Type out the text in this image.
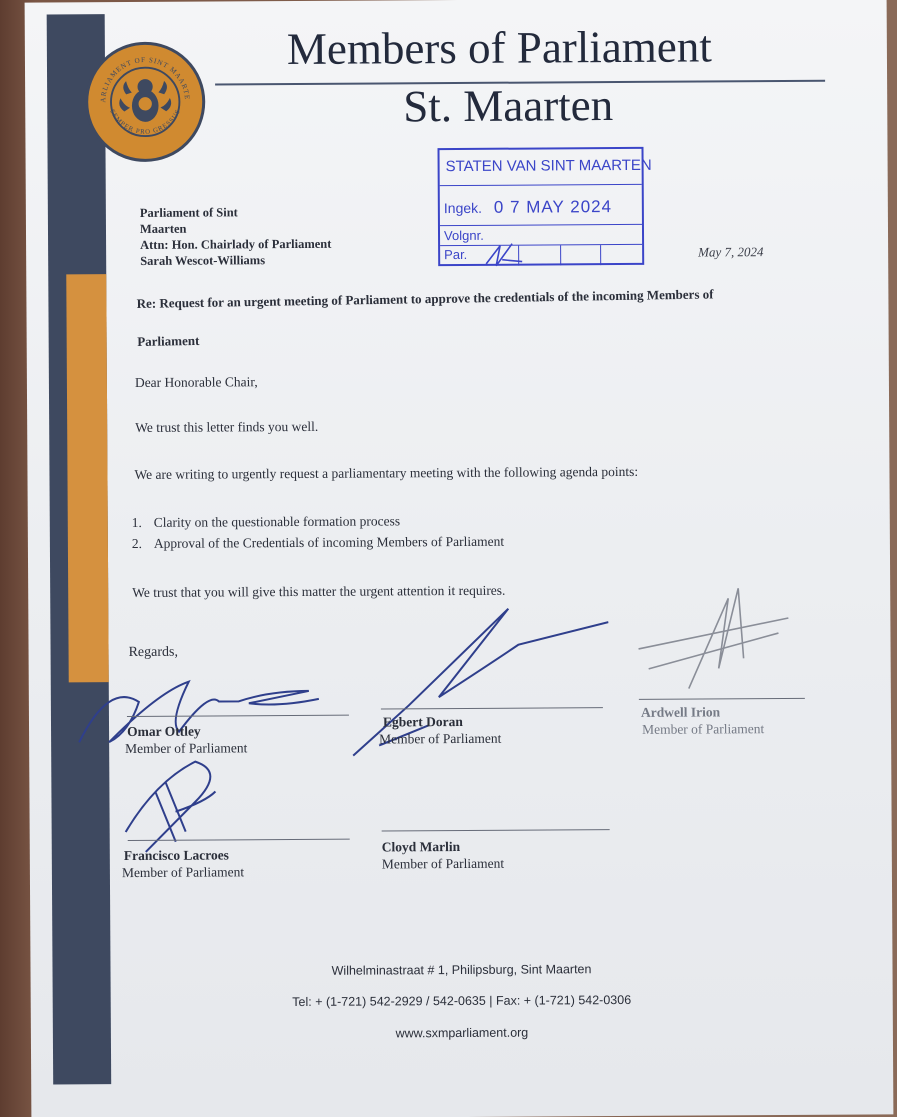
PARLIAMENT OF SINT MAARTEN
SEMPER PRO GRESSUS
Members of Parliament
St. Maarten
STATEN VAN SINT MAARTEN
Ingek. 0 7 MAY 2024
Volgnr.
Par.
Parliament of Sint
Maarten
Attn: Hon. Chairlady of Parliament
Sarah Wescot-Williams
May 7, 2024
Re: Request for an urgent meeting of Parliament to approve the credentials of the incoming Members of Parliament
Dear Honorable Chair,
We trust this letter finds you well.
We are writing to urgently request a parliamentary meeting with the following agenda points:
1. Clarity on the questionable formation process
2. Approval of the Credentials of incoming Members of Parliament
We trust that you will give this matter the urgent attention it requires.
Regards,
Omar Ottley
Member of Parliament
Egbert Doran
Member of Parliament
Ardwell Irion
Member of Parliament
Francisco Lacroes
Member of Parliament
Cloyd Marlin
Member of Parliament
Wilhelminastraat # 1, Philipsburg, Sint Maarten
Tel: + (1-721) 542-2929 / 542-0635 | Fax: + (1-721) 542-0306
www.sxmparliament.org
